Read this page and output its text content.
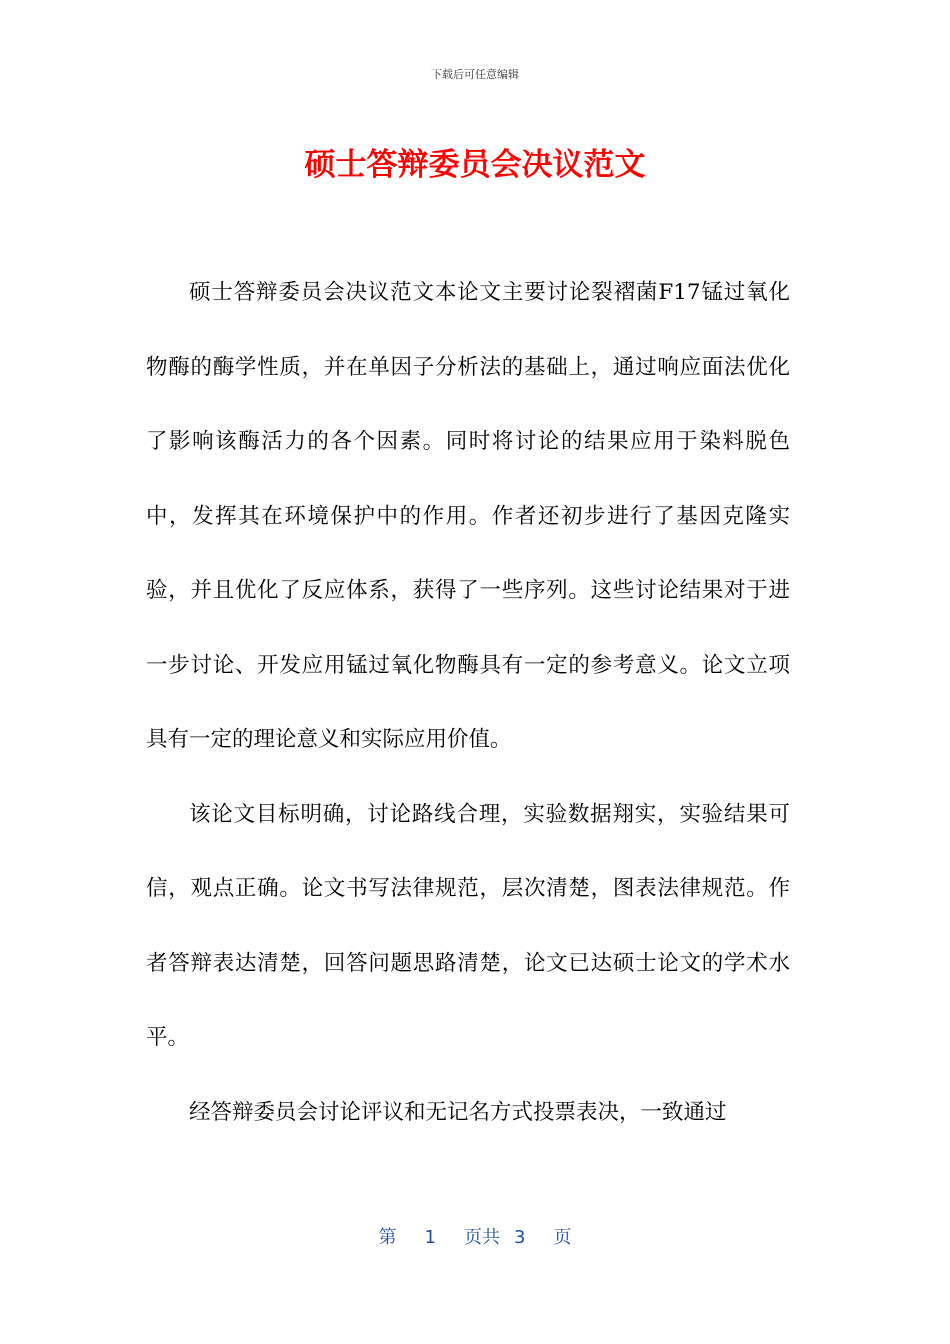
下载后可任意编辑
硕士答辩委员会决议范文

硕士答辩委员会决议范文本论文主要讨论裂褶菌F17锰过氧化物酶的酶学性质，并在单因子分析法的基础上，通过响应面法优化了影响该酶活力的各个因素。同时将讨论的结果应用于染料脱色中，发挥其在环境保护中的作用。作者还初步进行了基因克隆实验，并且优化了反应体系，获得了一些序列。这些讨论结果对于进一步讨论、开发应用锰过氧化物酶具有一定的参考意义。论文立项具有一定的理论意义和实际应用价值。

该论文目标明确，讨论路线合理，实验数据翔实，实验结果可信，观点正确。论文书写法律规范，层次清楚，图表法律规范。作者答辩表达清楚，回答问题思路清楚，论文已达硕士论文的学术水平。

经答辩委员会讨论评议和无记名方式投票表决，一致通过

第 1 页共 3 页
